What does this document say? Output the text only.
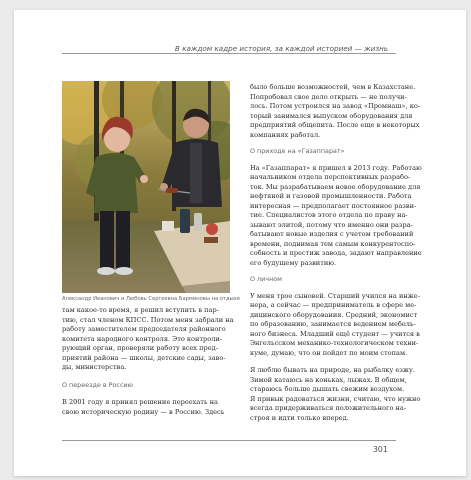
В каждом кадре история, за каждой историей — жизнь
Александр Иванович и Любовь Сергеевна Барминовы на отдыхе

там какое-то время, я решил вступить в пар-
тию, стал членом КПСС. Потом меня забрали на
работу заместителем председателя районного
комитета народного контроля. Это контроли-
рующий орган, проверяли работу всех пред-
приятий района — школы, детские сады, заво-
ды, министерства.

О переезде в Россию

В 2001 году я принял решение переехать на
свою историческую родину — в Россию. Здесь

было больше возможностей, чем в Казахстане.
Попробовал свое дело открыть — не получи-
лось. Потом устроился на завод «Промнаш», ко-
торый занимался выпуском оборудования для
предприятий общепита. После еще в некоторых
компаниях работал.

О приходе на «Газаппарат»

На «Газаппарат» я пришел в 2013 году. Работаю
начальником отдела перспективных разрабо-
ток. Мы разрабатываем новое оборудование для
нефтяной и газовой промышленности. Работа
интересная — предполагает постоянное разви-
тие. Специалистов этого отдела по праву на-
зывают элитой, потому что именно они разра-
батывают новые изделия с учетом требований
времени, поднимая тем самым конкурентоспо-
собность и престиж завода, задают направление
его будущему развитию.

О личном

У меня трое сыновей. Старший учился на инже-
нера, а сейчас — предприниматель в сфере ме-
дицинского оборудования. Средний, экономист
по образованию, занимается ведением мебель-
ного бизнеса. Младший ещё студент — учится в
Энгельсском механико-технологическом техни-
куме, думаю, что он пойдет по моим стопам.

Я люблю бывать на природе, на рыбалку езжу.
Зимой катаюсь на коньках, лыжах. В общем,
стараюсь больше дышать свежим воздухом.
Я привык радоваться жизни, считаю, что нужно
всегда придерживаться положительного на-
строя и идти только вперед.

301
